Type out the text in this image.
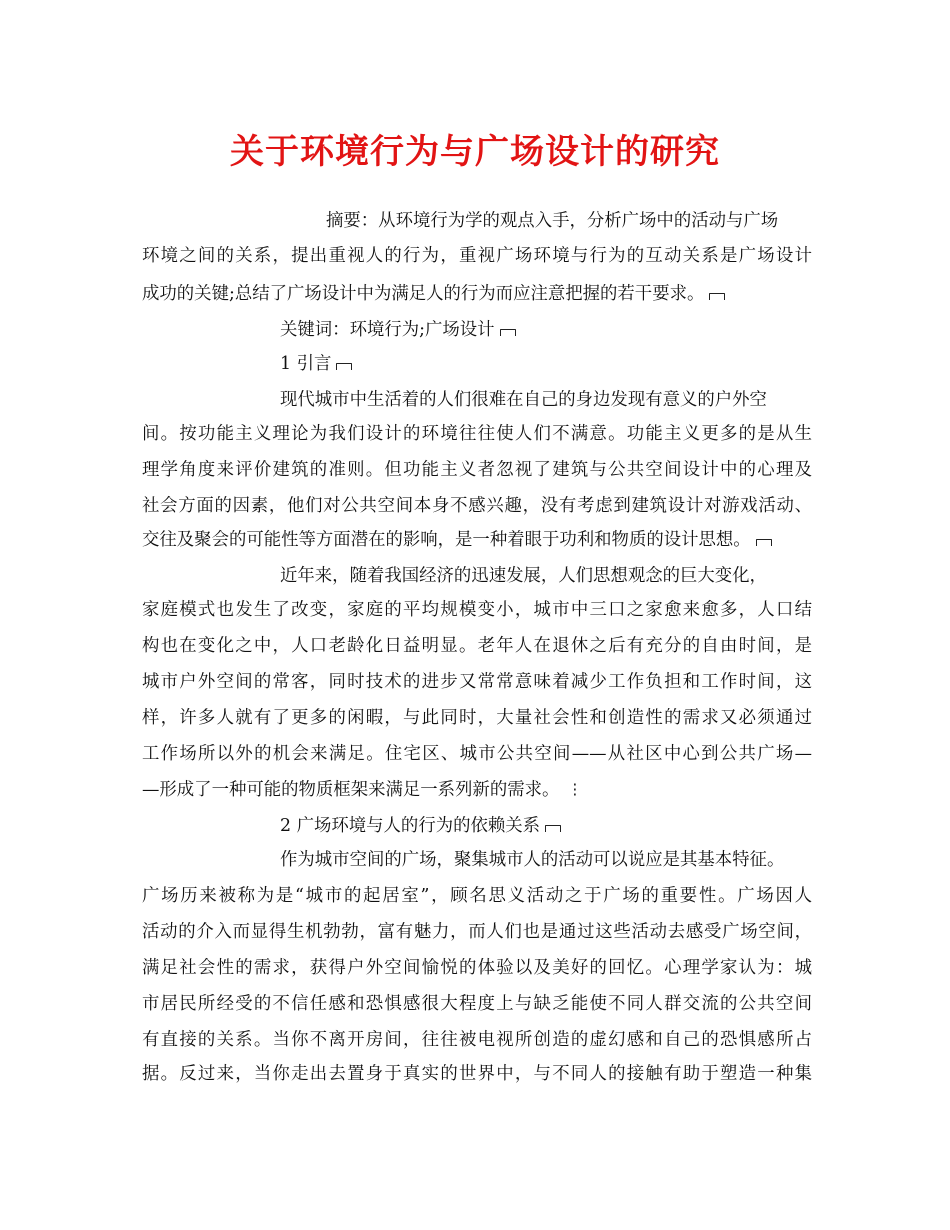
关于环境行为与广场设计的研究

摘要：从环境行为学的观点入手，分析广场中的活动与广场

环境之间的关系，提出重视人的行为，重视广场环境与行为的互动关系是广场设计

成功的关键;总结了广场设计中为满足人的行为而应注意把握的若干要求。

关键词：环境行为;广场设计

1 引言

现代城市中生活着的人们很难在自己的身边发现有意义的户外空

间。按功能主义理论为我们设计的环境往往使人们不满意。功能主义更多的是从生

理学角度来评价建筑的准则。但功能主义者忽视了建筑与公共空间设计中的心理及

社会方面的因素，他们对公共空间本身不感兴趣，没有考虑到建筑设计对游戏活动、

交往及聚会的可能性等方面潜在的影响，是一种着眼于功利和物质的设计思想。

近年来，随着我国经济的迅速发展，人们思想观念的巨大变化，

家庭模式也发生了改变，家庭的平均规模变小，城市中三口之家愈来愈多，人口结

构也在变化之中，人口老龄化日益明显。老年人在退休之后有充分的自由时间，是

城市户外空间的常客，同时技术的进步又常常意味着减少工作负担和工作时间，这

样，许多人就有了更多的闲暇，与此同时，大量社会性和创造性的需求又必须通过

工作场所以外的机会来满足。住宅区、城市公共空间——从社区中心到公共广场—

—形成了一种可能的物质框架来满足一系列新的需求。 ⋮

2 广场环境与人的行为的依赖关系

作为城市空间的广场，聚集城市人的活动可以说应是其基本特征。

广场历来被称为是“城市的起居室”，顾名思义活动之于广场的重要性。广场因人

活动的介入而显得生机勃勃，富有魅力，而人们也是通过这些活动去感受广场空间，

满足社会性的需求，获得户外空间愉悦的体验以及美好的回忆。心理学家认为：城

市居民所经受的不信任感和恐惧感很大程度上与缺乏能使不同人群交流的公共空间

有直接的关系。当你不离开房间，往往被电视所创造的虚幻感和自己的恐惧感所占

据。反过来，当你走出去置身于真实的世界中，与不同人的接触有助于塑造一种集
